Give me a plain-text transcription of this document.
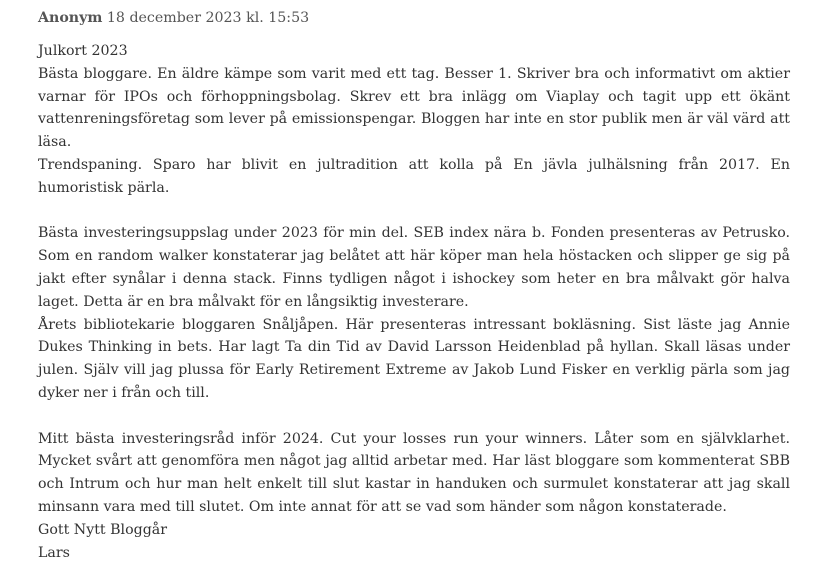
Anonym 18 december 2023 kl. 15:53

Julkort 2023

Bästa bloggare. En äldre kämpe som varit med ett tag. Besser 1. Skriver bra och informativt om aktier varnar för IPOs och förhoppningsbolag. Skrev ett bra inlägg om Viaplay och tagit upp ett ökänt vattenreningsföretag som lever på emissionspengar. Bloggen har inte en stor publik men är väl värd att läsa.

Trendspaning. Sparo har blivit en jultradition att kolla på En jävla julhälsning från 2017. En humoristisk pärla.

Bästa investeringsuppslag under 2023 för min del. SEB index nära b. Fonden presenteras av Petrusko. Som en random walker konstaterar jag belåtet att här köper man hela höstacken och slipper ge sig på jakt efter synålar i denna stack. Finns tydligen något i ishockey som heter en bra målvakt gör halva laget. Detta är en bra målvakt för en långsiktig investerare.

Årets bibliotekarie bloggaren Snåljåpen. Här presenteras intressant bokläsning. Sist läste jag Annie Dukes Thinking in bets. Har lagt Ta din Tid av David Larsson Heidenblad på hyllan. Skall läsas under julen. Själv vill jag plussa för Early Retirement Extreme av Jakob Lund Fisker en verklig pärla som jag dyker ner i från och till.

Mitt bästa investeringsråd inför 2024. Cut your losses run your winners. Låter som en självklarhet. Mycket svårt att genomföra men något jag alltid arbetar med. Har läst bloggare som kommenterat SBB och Intrum och hur man helt enkelt till slut kastar in handuken och surmulet konstaterar att jag skall minsann vara med till slutet. Om inte annat för att se vad som händer som någon konstaterade.

Gott Nytt Bloggår

Lars
